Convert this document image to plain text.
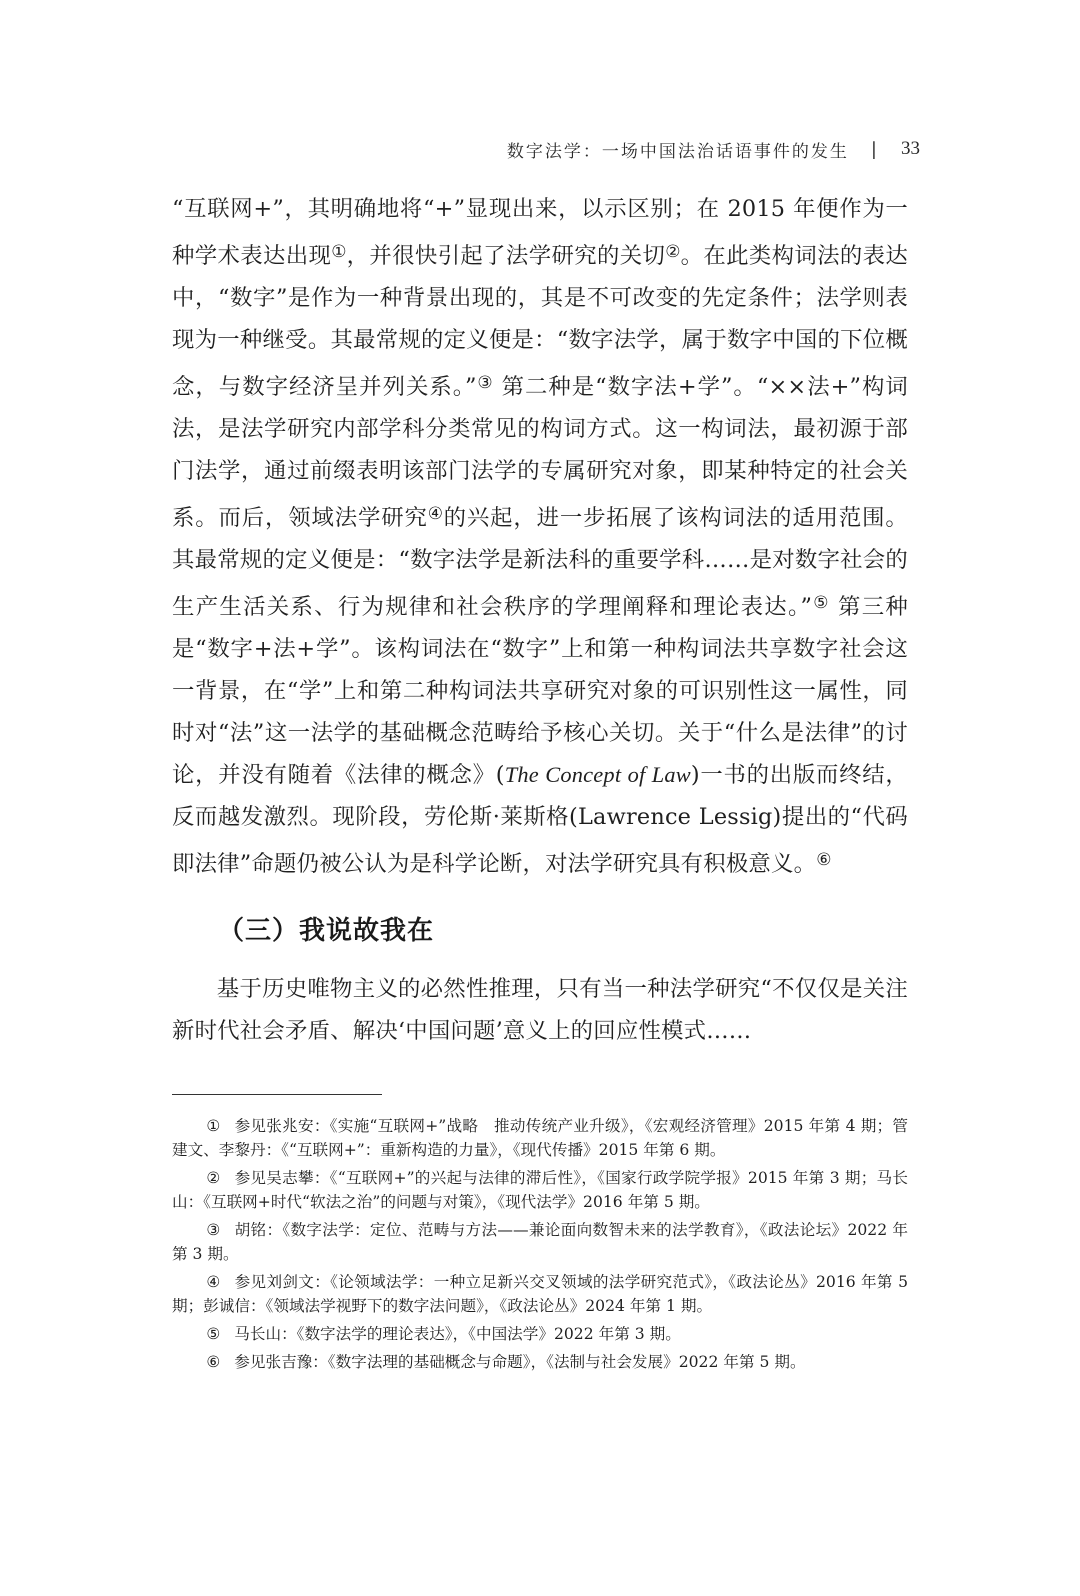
数字法学：一场中国法治话语事件的发生 | 33

“互联网+”，其明确地将“+”显现出来，以示区别；在 2015 年便作为一种学术表达出现①，并很快引起了法学研究的关切②。在此类构词法的表达中，“数字”是作为一种背景出现的，其是不可改变的先定条件；法学则表现为一种继受。其最常规的定义便是：“数字法学，属于数字中国的下位概念，与数字经济呈并列关系。”③ 第二种是“数字法+学”。“××法+”构词法，是法学研究内部学科分类常见的构词方式。这一构词法，最初源于部门法学，通过前缀表明该部门法学的专属研究对象，即某种特定的社会关系。而后，领域法学研究④的兴起，进一步拓展了该构词法的适用范围。其最常规的定义便是：“数字法学是新法科的重要学科……是对数字社会的生产生活关系、行为规律和社会秩序的学理阐释和理论表达。”⑤ 第三种是“数字+法+学”。该构词法在“数字”上和第一种构词法共享数字社会这一背景，在“学”上和第二种构词法共享研究对象的可识别性这一属性，同时对“法”这一法学的基础概念范畴给予核心关切。关于“什么是法律”的讨论，并没有随着《法律的概念》(The Concept of Law)一书的出版而终结，反而越发激烈。现阶段，劳伦斯·莱斯格(Lawrence Lessig)提出的“代码即法律”命题仍被公认为是科学论断，对法学研究具有积极意义。⑥

（三）我说故我在

基于历史唯物主义的必然性推理，只有当一种法学研究“不仅仅是关注新时代社会矛盾、解决‘中国问题’意义上的回应性模式……

① 参见张兆安：《实施“互联网+”战略　推动传统产业升级》，《宏观经济管理》2015 年第 4 期；管建文、李黎丹：《“互联网+”：重新构造的力量》，《现代传播》2015 年第 6 期。

② 参见吴志攀：《“互联网+”的兴起与法律的滞后性》，《国家行政学院学报》2015 年第 3 期；马长山：《互联网+时代“软法之治”的问题与对策》，《现代法学》2016 年第 5 期。

③ 胡铭：《数字法学：定位、范畴与方法——兼论面向数智未来的法学教育》，《政法论坛》2022 年第 3 期。

④ 参见刘剑文：《论领域法学：一种立足新兴交叉领域的法学研究范式》，《政法论丛》2016 年第 5 期；彭诚信：《领域法学视野下的数字法问题》，《政法论丛》2024 年第 1 期。

⑤ 马长山：《数字法学的理论表达》，《中国法学》2022 年第 3 期。

⑥ 参见张吉豫：《数字法理的基础概念与命题》，《法制与社会发展》2022 年第 5 期。
